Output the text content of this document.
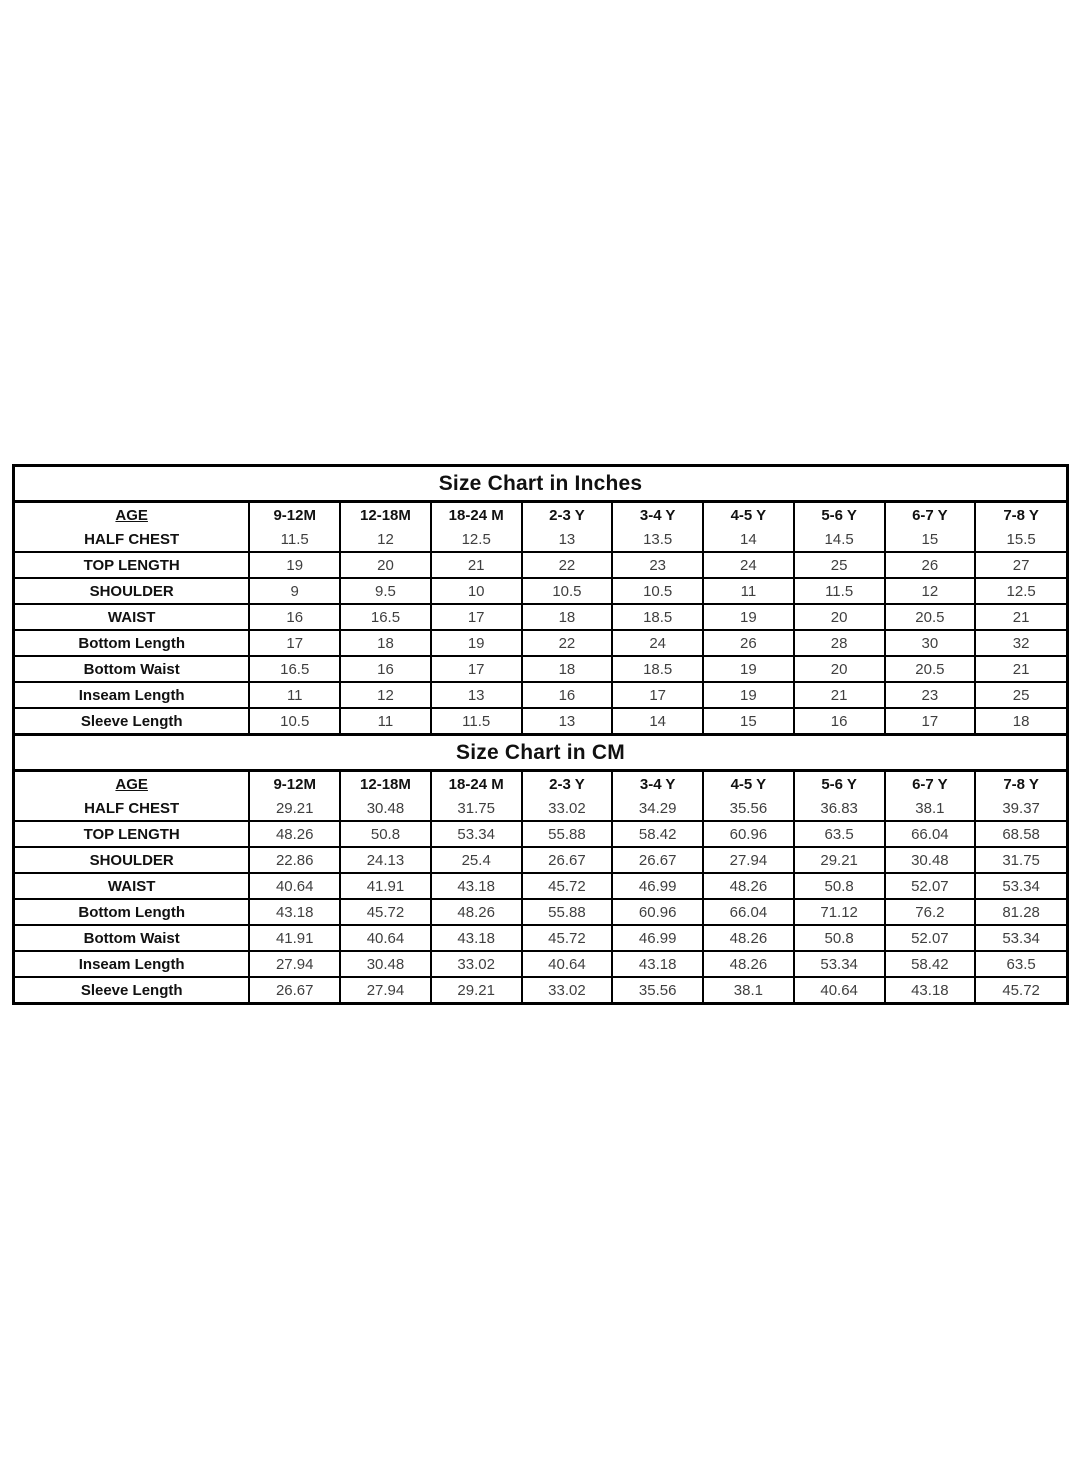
Size Chart in Inches
AGE	9-12M	12-18M	18-24 M	2-3 Y	3-4 Y	4-5 Y	5-6 Y	6-7 Y	7-8 Y
HALF CHEST	11.5	12	12.5	13	13.5	14	14.5	15	15.5
TOP LENGTH	19	20	21	22	23	24	25	26	27
SHOULDER	9	9.5	10	10.5	10.5	11	11.5	12	12.5
WAIST	16	16.5	17	18	18.5	19	20	20.5	21
Bottom Length	17	18	19	22	24	26	28	30	32
Bottom Waist	16.5	16	17	18	18.5	19	20	20.5	21
Inseam Length	11	12	13	16	17	19	21	23	25
Sleeve Length	10.5	11	11.5	13	14	15	16	17	18
Size Chart in CM
AGE	9-12M	12-18M	18-24 M	2-3 Y	3-4 Y	4-5 Y	5-6 Y	6-7 Y	7-8 Y
HALF CHEST	29.21	30.48	31.75	33.02	34.29	35.56	36.83	38.1	39.37
TOP LENGTH	48.26	50.8	53.34	55.88	58.42	60.96	63.5	66.04	68.58
SHOULDER	22.86	24.13	25.4	26.67	26.67	27.94	29.21	30.48	31.75
WAIST	40.64	41.91	43.18	45.72	46.99	48.26	50.8	52.07	53.34
Bottom Length	43.18	45.72	48.26	55.88	60.96	66.04	71.12	76.2	81.28
Bottom Waist	41.91	40.64	43.18	45.72	46.99	48.26	50.8	52.07	53.34
Inseam Length	27.94	30.48	33.02	40.64	43.18	48.26	53.34	58.42	63.5
Sleeve Length	26.67	27.94	29.21	33.02	35.56	38.1	40.64	43.18	45.72
